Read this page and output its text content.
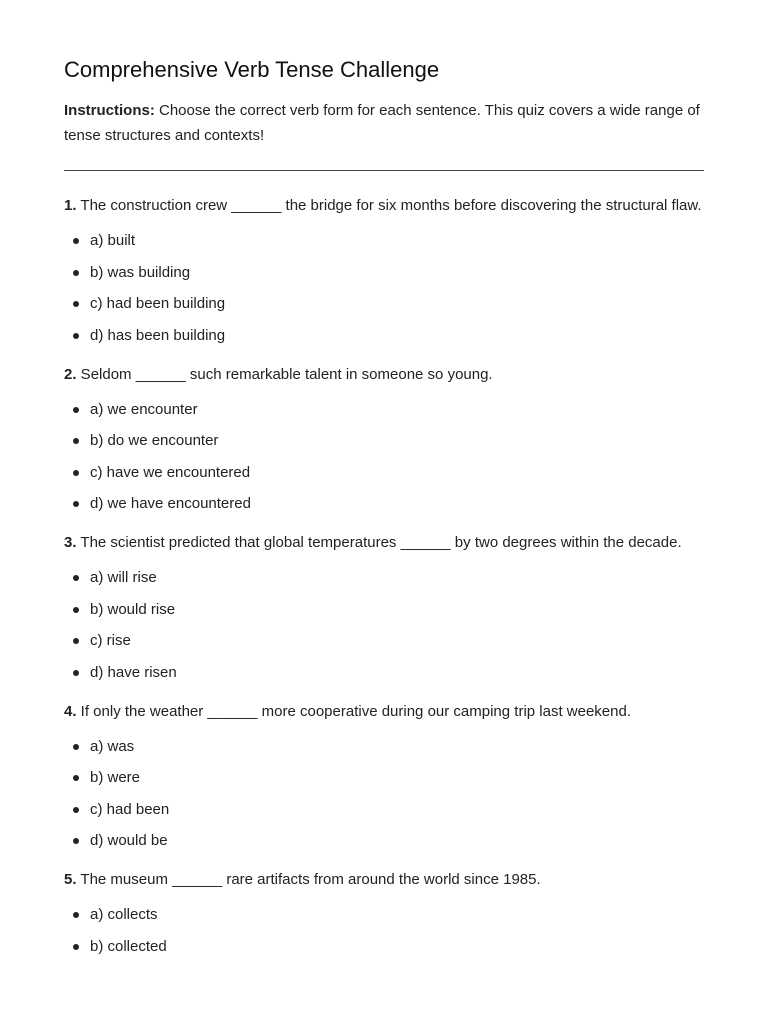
Comprehensive Verb Tense Challenge

Instructions: Choose the correct verb form for each sentence. This quiz covers a wide range of tense structures and contexts!

1. The construction crew ______ the bridge for six months before discovering the structural flaw.
a) built
b) was building
c) had been building
d) has been building
2. Seldom ______ such remarkable talent in someone so young.
a) we encounter
b) do we encounter
c) have we encountered
d) we have encountered
3. The scientist predicted that global temperatures ______ by two degrees within the decade.
a) will rise
b) would rise
c) rise
d) have risen
4. If only the weather ______ more cooperative during our camping trip last weekend.
a) was
b) were
c) had been
d) would be
5. The museum ______ rare artifacts from around the world since 1985.
a) collects
b) collected
